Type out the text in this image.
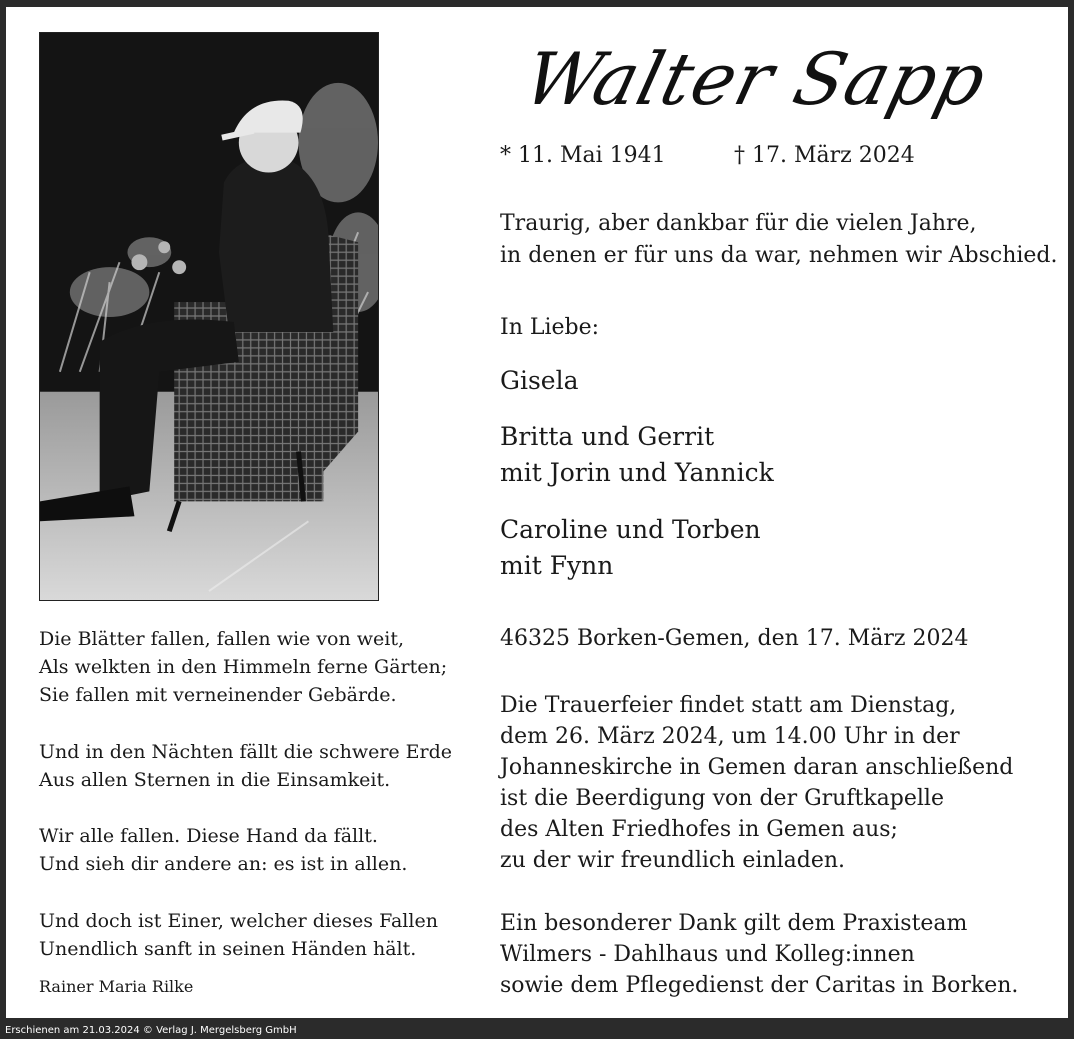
Walter Sapp
* 11. Mai 1941	† 17. März 2024
Traurig, aber dankbar für die vielen Jahre,
in denen er für uns da war, nehmen wir Abschied.
In Liebe:
Gisela
Britta und Gerrit
mit Jorin und Yannick
Caroline und Torben
mit Fynn
46325 Borken-Gemen, den 17. März 2024
Die Trauerfeier findet statt am Dienstag,
dem 26. März 2024, um 14.00 Uhr in der
Johanneskirche in Gemen daran anschließend
ist die Beerdigung von der Gruftkapelle
des Alten Friedhofes in Gemen aus;
zu der wir freundlich einladen.
Ein besonderer Dank gilt dem Praxisteam
Wilmers - Dahlhaus und Kolleg:innen
sowie dem Pflegedienst der Caritas in Borken.
Die Blätter fallen, fallen wie von weit,
Als welkten in den Himmeln ferne Gärten;
Sie fallen mit verneinender Gebärde.
Und in den Nächten fällt die schwere Erde
Aus allen Sternen in die Einsamkeit.
Wir alle fallen. Diese Hand da fällt.
Und sieh dir andere an: es ist in allen.
Und doch ist Einer, welcher dieses Fallen
Unendlich sanft in seinen Händen hält.
Rainer Maria Rilke
Erschienen am 21.03.2024 © Verlag J. Mergelsberg GmbH
